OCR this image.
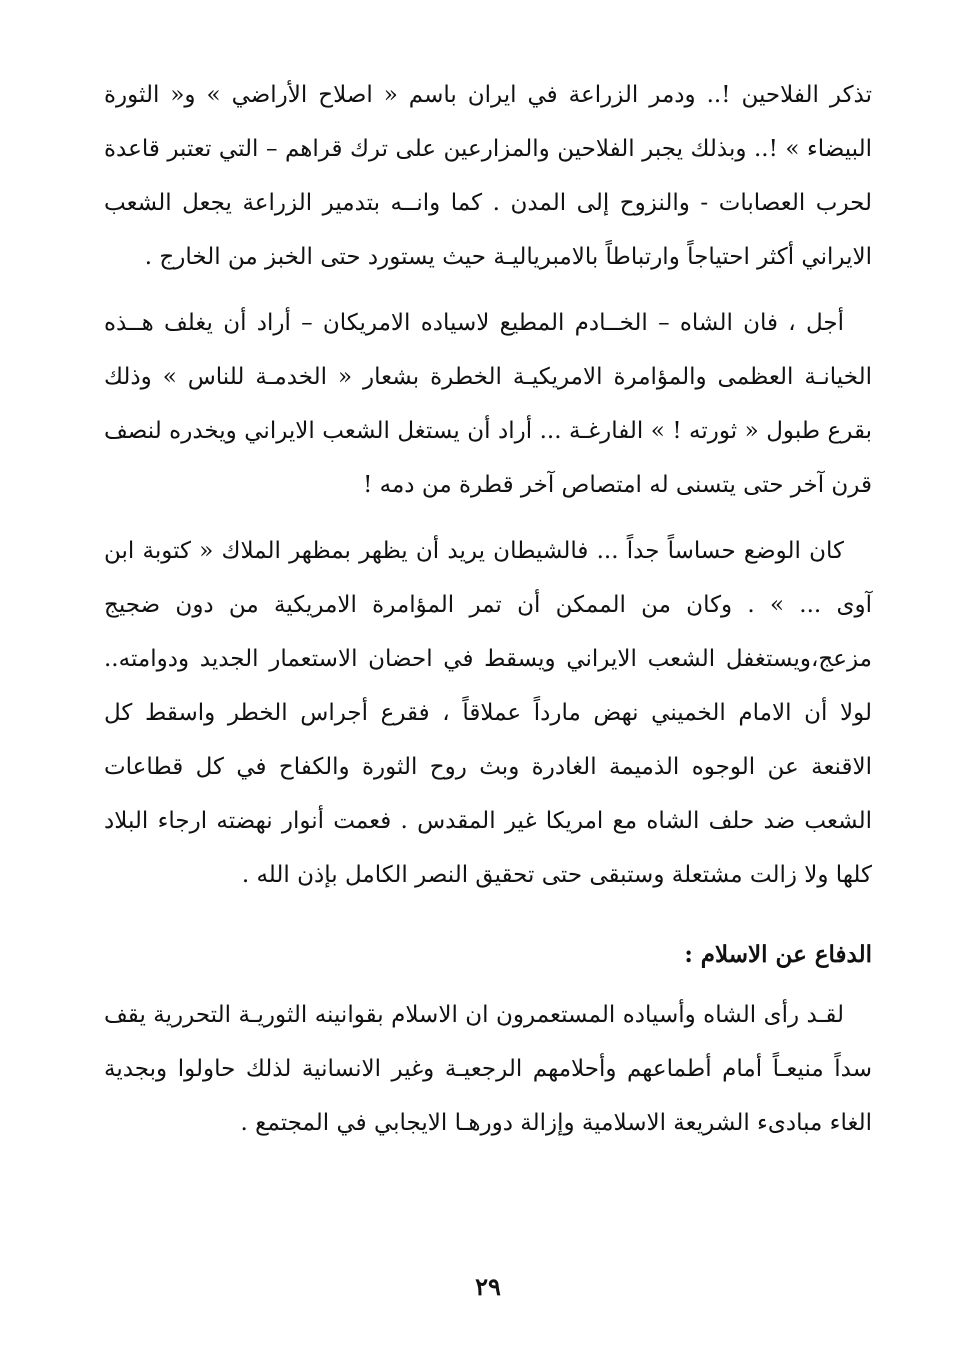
تذكر الفلاحين !.. ودمر الزراعة في ايران باسم « اصلاح الأراضي » و« الثورة البيضاء » !.. وبذلك يجبر الفلاحين والمزارعين على ترك قراهم – التي تعتبر قاعدة لحرب العصابات - والنزوح إلى المدن . كما وانــه بتدمير الزراعة يجعل الشعب الايراني أكثر احتياجاً وارتباطاً بالامبرياليـة حيث يستورد حتى الخبز من الخارج .

أجل ، فان الشاه – الخــادم المطيع لاسياده الامريكان – أراد أن يغلف هــذه الخيانـة العظمى والمؤامرة الامريكيـة الخطرة بشعار « الخدمـة للناس » وذلك بقرع طبول « ثورته ! » الفارغـة ... أراد أن يستغل الشعب الايراني ويخدره لنصف قرن آخر حتى يتسنى له امتصاص آخر قطرة من دمه !

كان الوضع حساساً جداً ... فالشيطان يريد أن يظهر بمظهر الملاك « كتوبة ابن آوى ... » . وكان من الممكن أن تمر المؤامرة الامريكية من دون ضجيج مزعج،ويستغفل الشعب الايراني ويسقط في احضان الاستعمار الجديد ودوامته.. لولا أن الامام الخميني نهض مارداً عملاقاً ، فقرع أجراس الخطر واسقط كل الاقنعة عن الوجوه الذميمة الغادرة وبث روح الثورة والكفاح في كل قطاعات الشعب ضد حلف الشاه مع امريكا غير المقدس . فعمت أنوار نهضته ارجاء البلاد كلها ولا زالت مشتعلة وستبقى حتى تحقيق النصر الكامل بإذن الله .

الدفاع عن الاسلام :

لقـد رأى الشاه وأسياده المستعمرون ان الاسلام بقوانينه الثوريـة التحررية يقف سداً منيعـاً أمام أطماعهم وأحلامهم الرجعيـة وغير الانسانية لذلك حاولوا وبجدية الغاء مبادىء الشريعة الاسلامية وإزالة دورهـا الايجابي في المجتمع .

٢٩
